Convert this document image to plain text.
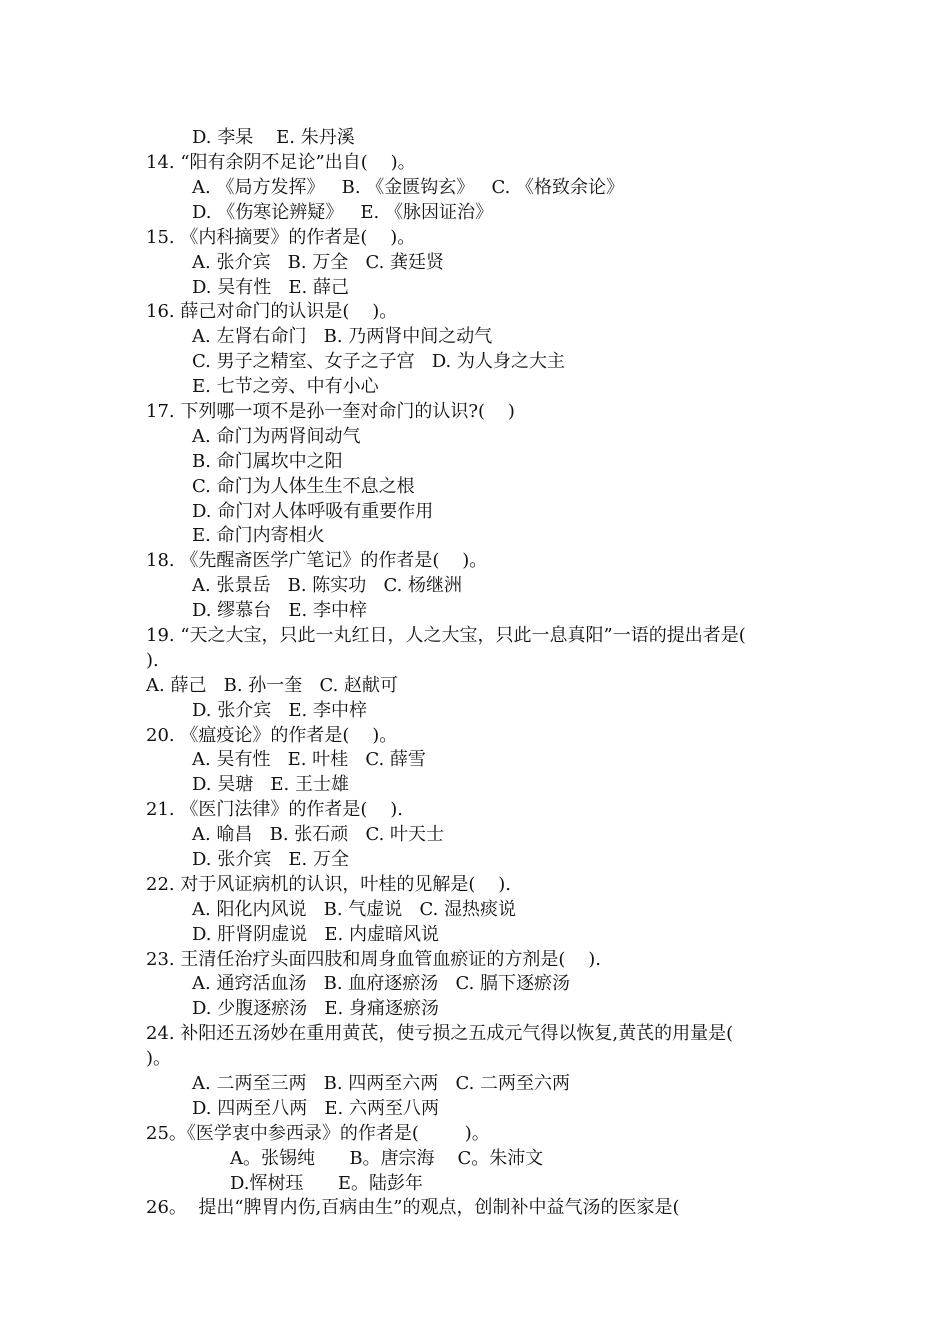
D. 李杲    E. 朱丹溪
14. “阳有余阴不足论”出自(    )。
A. 《局方发挥》   B. 《金匮钩玄》   C. 《格致余论》
D. 《伤寒论辨疑》   E. 《脉因证治》
15. 《内科摘要》的作者是(    )。
A. 张介宾   B. 万全   C. 龚廷贤
D. 吴有性   E. 薛己
16. 薛己对命门的认识是(    )。
A. 左肾右命门   B. 乃两肾中间之动气
C. 男子之精室、女子之子宫   D. 为人身之大主
E. 七节之旁、中有小心
17. 下列哪一项不是孙一奎对命门的认识?(    )
A. 命门为两肾间动气
B. 命门属坎中之阳
C. 命门为人体生生不息之根
D. 命门对人体呼吸有重要作用
E. 命门内寄相火
18. 《先醒斋医学广笔记》的作者是(    )。
A. 张景岳   B. 陈实功   C. 杨继洲
D. 缪慕台   E. 李中梓
19. “天之大宝，只此一丸红日，人之大宝，只此一息真阳”一语的提出者是(
).
A. 薛己   B. 孙一奎   C. 赵献可
D. 张介宾   E. 李中梓
20. 《瘟疫论》的作者是(    )。
A. 吴有性   E. 叶桂   C. 薛雪
D. 吴瑭   E. 王士雄
21. 《医门法律》的作者是(    ).
A. 喻昌   B. 张石顽   C. 叶天士
D. 张介宾   E. 万全
22. 对于风证病机的认识，叶桂的见解是(    ).
A. 阳化内风说   B. 气虚说   C. 湿热痰说
D. 肝肾阴虚说   E. 内虚暗风说
23. 王清任治疗头面四肢和周身血管血瘀证的方剂是(    ).
A. 通窍活血汤   B. 血府逐瘀汤   C. 膈下逐瘀汤
D. 少腹逐瘀汤   E. 身痛逐瘀汤
24. 补阳还五汤妙在重用黄芪，使亏损之五成元气得以恢复,黄芪的用量是(
)。
A. 二两至三两   B. 四两至六两   C. 二两至六两
D. 四两至八两   E. 六两至八两
25。《医学衷中参西录》的作者是(        )。
A。张锡纯      B。唐宗海    C。朱沛文
D.恽树珏      E。陆彭年
26。  提出“脾胃内伤,百病由生”的观点，创制补中益气汤的医家是(
